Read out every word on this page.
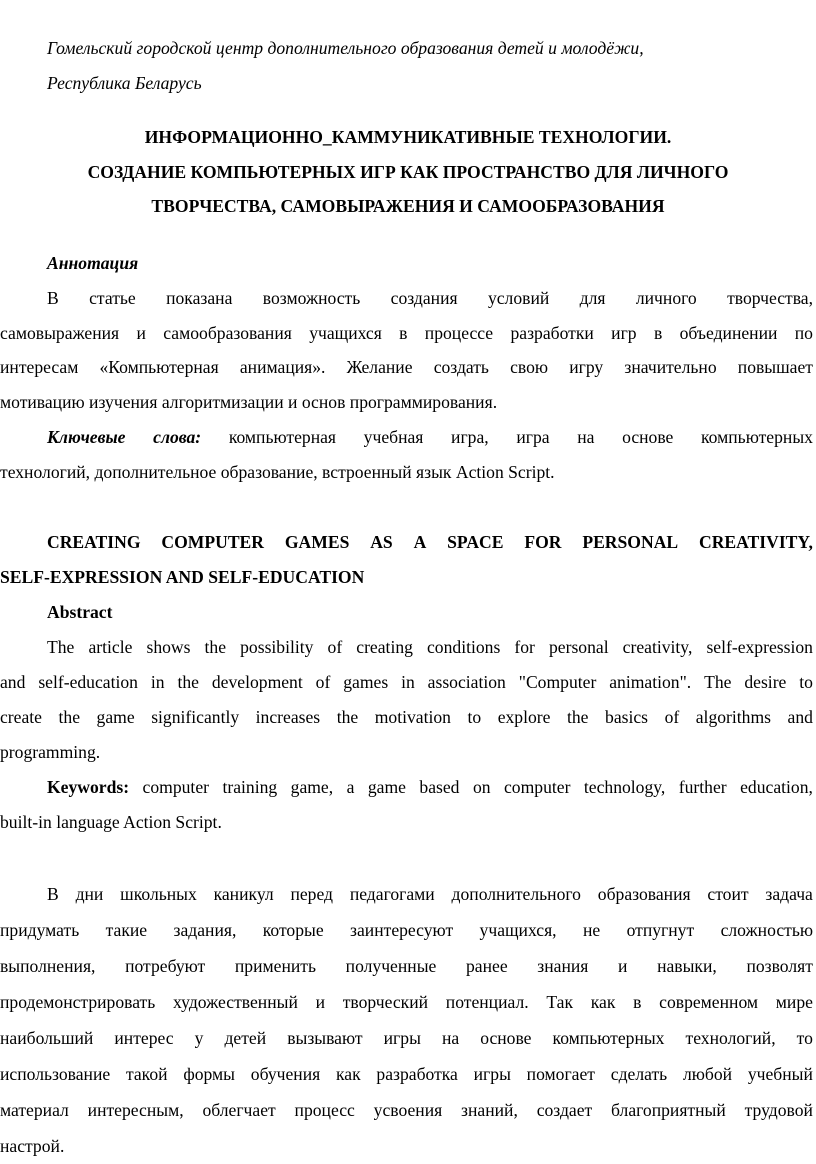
Гомельский городской центр дополнительного образования детей и молодёжи,
Республика Беларусь
ИНФОРМАЦИОННО_КАММУНИКАТИВНЫЕ ТЕХНОЛОГИИ.
СОЗДАНИЕ КОМПЬЮТЕРНЫХ ИГР КАК ПРОСТРАНСТВО ДЛЯ ЛИЧНОГО
ТВОРЧЕСТВА, САМОВЫРАЖЕНИЯ И САМООБРАЗОВАНИЯ
Аннотация
В статье показана возможность создания условий для личного творчества,
самовыражения и самообразования учащихся в процессе разработки игр в объединении по
интересам «Компьютерная анимация». Желание создать свою игру значительно повышает
мотивацию изучения алгоритмизации и основ программирования.
Ключевые слова: компьютерная учебная игра, игра на основе компьютерных
технологий, дополнительное образование, встроенный язык Action Script.
CREATING COMPUTER GAMES AS A SPACE FOR PERSONAL CREATIVITY,
SELF-EXPRESSION AND SELF-EDUCATION
Abstract
The article shows the possibility of creating conditions for personal creativity, self-expression
and self-education in the development of games in association "Computer animation". The desire to
create the game significantly increases the motivation to explore the basics of algorithms and
programming.
Keywords: computer training game, a game based on computer technology, further education,
built-in language Action Script.
В дни школьных каникул перед педагогами дополнительного образования стоит задача
придумать такие задания, которые заинтересуют учащихся, не отпугнут сложностью
выполнения, потребуют применить полученные ранее знания и навыки, позволят
продемонстрировать художественный и творческий потенциал. Так как в современном мире
наибольший интерес у детей вызывают игры на основе компьютерных технологий, то
использование такой формы обучения как разработка игры помогает сделать любой учебный
материал интересным, облегчает процесс усвоения знаний, создает благоприятный трудовой
настрой.
